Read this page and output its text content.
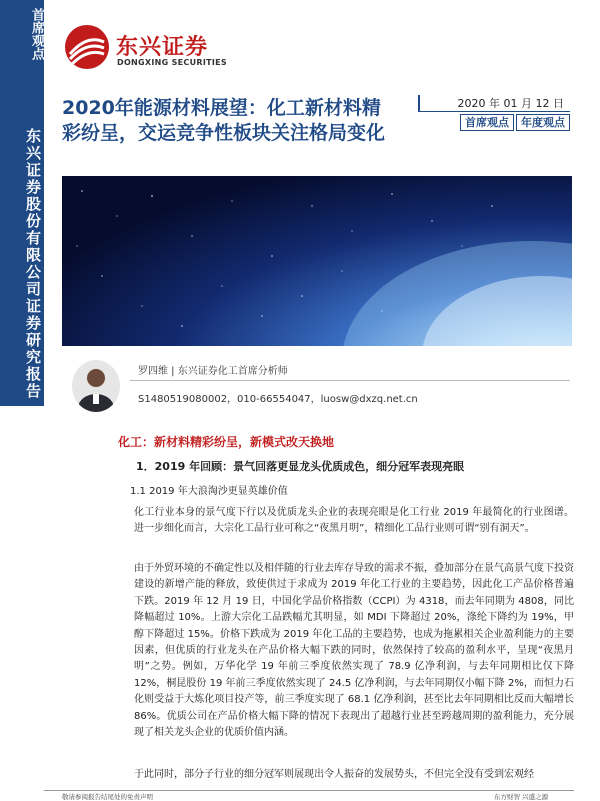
首席观点
东兴证券股份有限公司证券研究报告
东兴证券
DONGXING SECURITIES
2020年能源材料展望：化工新材料精彩纷呈，交运竞争性板块关注格局变化
2020 年 01 月 12 日
首席观点	年度观点
罗四维 | 东兴证券化工首席分析师
S1480519080002，010-66554047，luosw@dxzq.net.cn
化工：新材料精彩纷呈，新模式改天换地
1．2019 年回顾：景气回落更显龙头优质成色，细分冠军表现亮眼
1.1 2019 年大浪淘沙更显英雄价值

化工行业本身的景气度下行以及优质龙头企业的表现亮眼是化工行业 2019 年最简化的行业图谱。进一步细化而言，大宗化工品行业可称之“夜黑月明”，精细化工品行业则可谓“别有洞天”。

由于外贸环境的不确定性以及相伴随的行业去库存导致的需求不振，叠加部分在景气高景气度下投资建设的新增产能的释放，致使供过于求成为 2019 年化工行业的主要趋势，因此化工产品价格普遍下跌。2019 年 12 月 19 日，中国化学品价格指数（CCPI）为 4318，而去年同期为 4808，同比降幅超过 10%。上游大宗化工品跌幅尤其明显，如 MDI 下降超过 20%，涤纶下降约为 19%，甲醇下降超过 15%。价格下跌成为 2019 年化工品的主要趋势，也成为拖累相关企业盈利能力的主要因素，但优质的行业龙头在产品价格大幅下跌的同时，依然保持了较高的盈利水平，呈现“夜黑月明”之势。例如，万华化学 19 年前三季度依然实现了 78.9 亿净利润，与去年同期相比仅下降 12%，桐昆股份 19 年前三季度依然实现了 24.5 亿净利润，与去年同期仅小幅下降 2%，而恒力石化则受益于大炼化项目投产等，前三季度实现了 68.1 亿净利润，甚至比去年同期相比反而大幅增长 86%。优质公司在产品价格大幅下降的情况下表现出了超越行业甚至跨越周期的盈利能力，充分展现了相关龙头企业的优质价值内涵。

于此同时，部分子行业的细分冠军则展现出令人振奋的发展势头，不但完全没有受到宏观经

敬请参阅报告结尾处的免责声明	东方财智 兴盛之源
